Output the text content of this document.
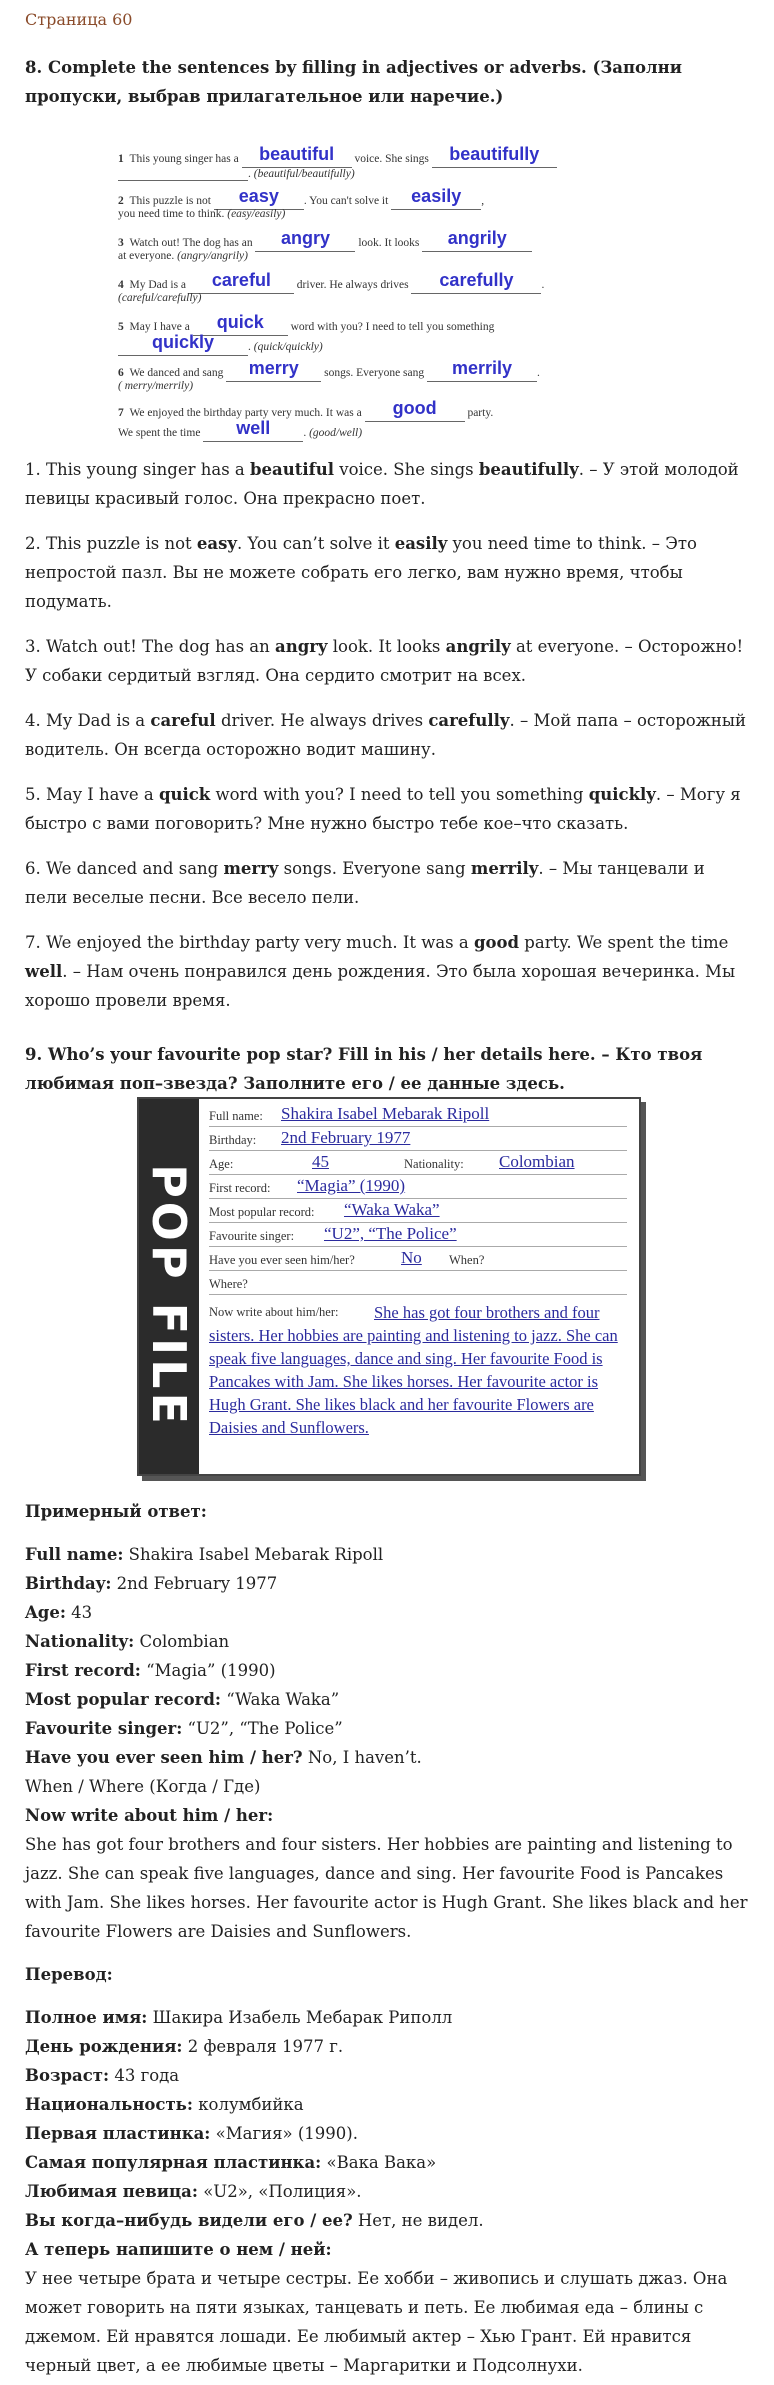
Страница 60

8. Complete the sentences by filling in adjectives or adverbs. (Заполни пропуски, выбрав прилагательное или наречие.)

1 This young singer has a beautiful voice. She sings beautifully
. (beautiful/beautifully)
2 This puzzle is not easy . You can't solve it easily ,
you need time to think. (easy/easily)
3 Watch out! The dog has an angry look. It looks angrily
at everyone. (angry/angrily)
4 My Dad is a careful driver. He always drives carefully .
(careful/carefully)
5 May I have a quick word with you? I need to tell you something
quickly	. (quick/quickly)
6 We danced and sang merry songs. Everyone sang merrily .
( merry/merrily)
7 We enjoyed the birthday party very much. It was a good	party.
We spent the time well	. (good/well)

1. This young singer has a beautiful voice. She sings beautifully. – У этой молодой певицы красивый голос. Она прекрасно поет.

2. This puzzle is not easy. You can’t solve it easily you need time to think. – Это непростой пазл. Вы не можете собрать его легко, вам нужно время, чтобы подумать.

3. Watch out! The dog has an angry look. It looks angrily at everyone. – Осторожно! У собаки сердитый взгляд. Она сердито смотрит на всех.

4. My Dad is a careful driver. He always drives carefully. – Мой папа – осторожный водитель. Он всегда осторожно водит машину.

5. May I have a quick word with you? I need to tell you something quickly. – Могу я быстро с вами поговорить? Мне нужно быстро тебе кое–что сказать.

6. We danced and sang merry songs. Everyone sang merrily. – Мы танцевали и пели веселые песни. Все весело пели.

7. We enjoyed the birthday party very much. It was a good party. We spent the time well. – Нам очень понравился день рождения. Это была хорошая вечеринка. Мы хорошо провели время.

9. Who’s your favourite pop star? Fill in his / her details here. – Кто твоя любимая поп–звезда? Заполните его / ее данные здесь.

POP FILE
Full name: Shakira Isabel Mebarak Ripoll
Birthday: 2nd February 1977
Age:	45	Nationality: Colombian
First record: “Magia” (1990)
Most popular record: “Waka Waka”
Favourite singer: “U2”, “The Police”
Have you ever seen him/her?	No When?
Where?
Now write about him/her:	She has got four brothers and four sisters. Her hobbies are painting and listening to jazz. She can speak five languages, dance and sing. Her favourite Food is Pancakes with Jam. She likes horses. Her favourite actor is Hugh Grant. She likes black and her favourite Flowers are Daisies and Sunflowers.

Примерный ответ:

Full name: Shakira Isabel Mebarak Ripoll

Birthday: 2nd February 1977

Age: 43

Nationality: Colombian

First record: “Magia” (1990)

Most popular record: “Waka Waka”

Favourite singer: “U2”, “The Police”

Have you ever seen him / her? No, I haven’t.

When / Where (Когда / Где)

Now write about him / her:

She has got four brothers and four sisters. Her hobbies are painting and listening to jazz. She can speak five languages, dance and sing. Her favourite Food is Pancakes with Jam. She likes horses. Her favourite actor is Hugh Grant. She likes black and her favourite Flowers are Daisies and Sunflowers.

Перевод:

Полное имя: Шакира Изабель Мебарак Риполл

День рождения: 2 февраля 1977 г.

Возраст: 43 года

Национальность: колумбийка

Первая пластинка: «Магия» (1990).

Самая популярная пластинка: «Вака Вака»

Любимая певица: «U2», «Полиция».

Вы когда–нибудь видели его / ее? Нет, не видел.

А теперь напишите о нем / ней:

У нее четыре брата и четыре сестры. Ее хобби – живопись и слушать джаз. Она может говорить на пяти языках, танцевать и петь. Ее любимая еда – блины с джемом. Ей нравятся лошади. Ее любимый актер – Хью Грант. Ей нравится черный цвет, а ее любимые цветы – Маргаритки и Подсолнухи.
